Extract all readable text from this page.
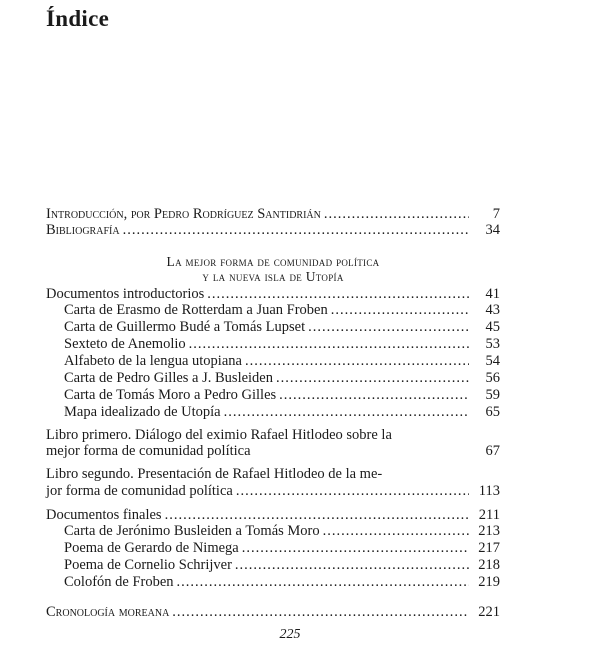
Índice
Introducción, por Pedro Rodríguez Santidrián .....	7
Bibliografía .....	34
La mejor forma de comunidad política
y la nueva isla de Utopía
Documentos introductorios .....	41
Carta de Erasmo de Rotterdam a Juan Froben .....	43
Carta de Guillermo Budé a Tomás Lupset .....	45
Sexteto de Anemolio .....	53
Alfabeto de la lengua utopiana .....	54
Carta de Pedro Gilles a J. Busleiden .....	56
Carta de Tomás Moro a Pedro Gilles .....	59
Mapa idealizado de Utopía .....	65
Libro primero. Diálogo del eximio Rafael Hitlodeo sobre la
mejor forma de comunidad política	67
Libro segundo. Presentación de Rafael Hitlodeo de la me-
jor forma de comunidad política .....	113
Documentos finales .....	211
Carta de Jerónimo Busleiden a Tomás Moro .....	213
Poema de Gerardo de Nimega .....	217
Poema de Cornelio Schrijver .....	218
Colofón de Froben .....	219
Cronología moreana .....	221
225
